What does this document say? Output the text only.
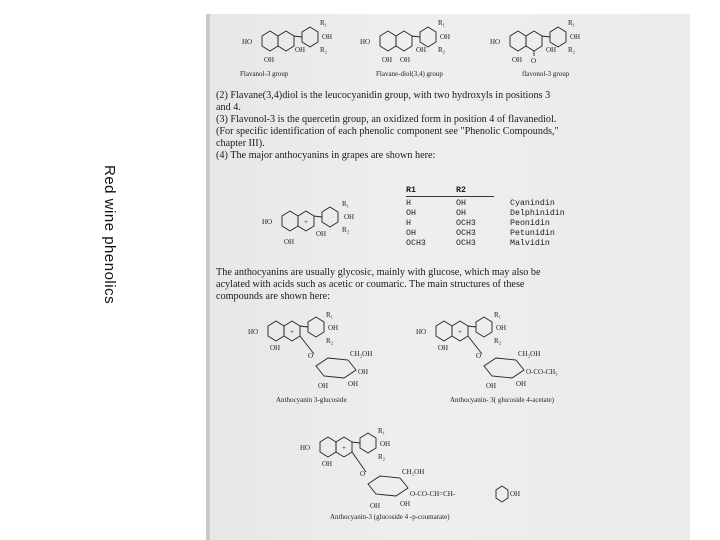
Red wine phenolics
HO
R₁
OH
R₂
OH
OH
Flavanol-3 group
HO
R₁
OH
R₂
OH OH
OH
Flavane-diol(3,4) group
HO
R₁
OH
R₂
OH O
OH
flavonol-3 group
(2) Flavane(3,4)diol is the leucocyanidin group, with two hydroxyls in positions 3
and 4.
(3) Flavonol-3 is the quercetin group, an oxidized form in position 4 of flavanediol.
(For specific identification of each phenolic component see "Phenolic Compounds,"
chapter III).
(4) The major anthocyanins in grapes are shown here:
+
HO
R₁
OH
R₂
OH
OH
R1	R2
H	OH	Cyanindin
OH	OH	Delphinidin
H	OCH3	Peonidin
OH	OCH3	Petunidin
OCH3	OCH3	Malvidin
The anthocyanins are usually glycosic, mainly with glucose, which may also be
acylated with acids such as acetic or coumaric. The main structures of these
compounds are shown here:
+
HO
R₁
OH
R₂
OH
O	CH₂OH
OH
OH
OH
Anthocyanin 3-glucoside
+
HO
R₁
OH
R₂
OH
O	CH₂OH
O-CO-CH₃
OH
OH
Anthocyanin- 3( glucoside 4-acetate)
+
HO
R₁
OH
R₂
OH
O	CH₂OH
O-CO-CH=CH-	OH
OH
OH
Anthocyanin-3 (glucoside 4 -p-coumarate)
